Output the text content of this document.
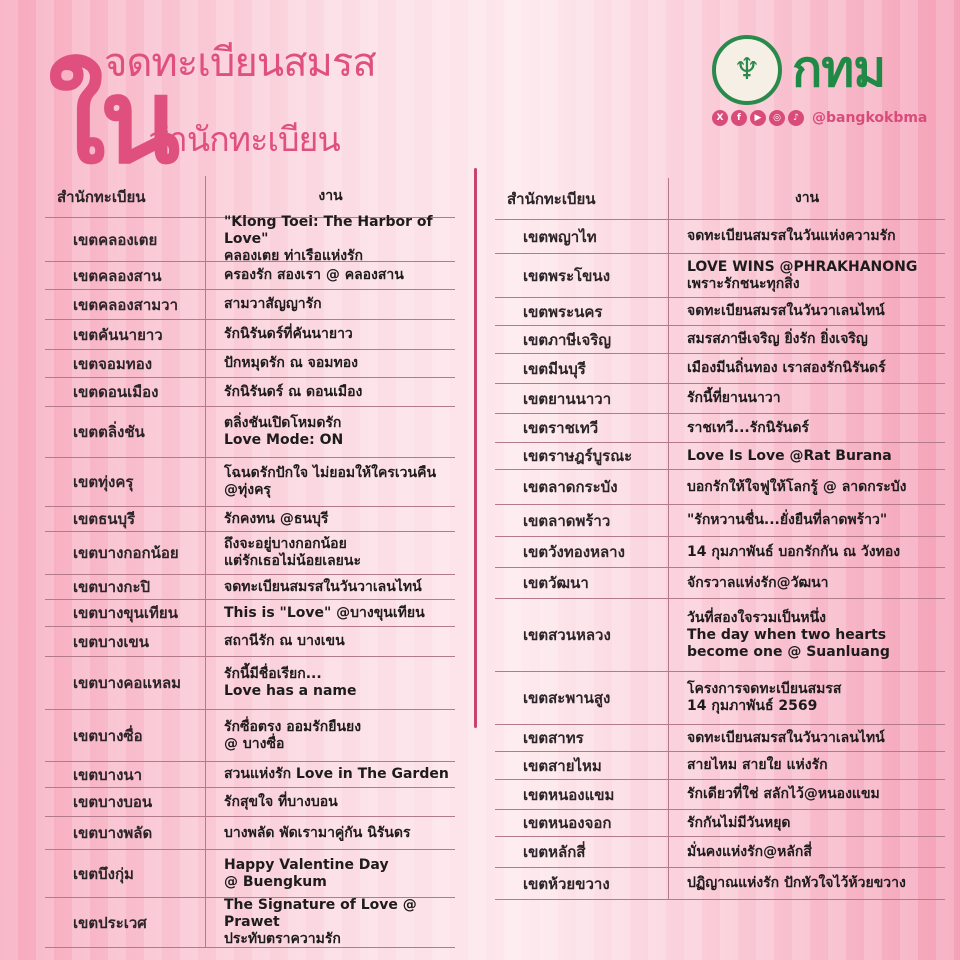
ใน
จดทะเบียนสมรส
สำนักทะเบียน
♆ กทม
X	f	▶	◎	♪ @bangkokbma
สำนักทะเบียน	งาน
เขตคลองเตย
"Klong Toei: The Harbor of Love"
คลองเตย ท่าเรือแห่งรัก
เขตคลองสาน	ครองรัก สองเรา @ คลองสาน
เขตคลองสามวา	สามวาสัญญารัก
เขตคันนายาว	รักนิรันดร์ที่คันนายาว
เขตจอมทอง	ปักหมุดรัก ณ จอมทอง
เขตดอนเมือง	รักนิรันดร์ ณ ดอนเมือง
เขตตลิ่งชัน	ตลิ่งชันเปิดโหมดรัก
Love Mode: ON
เขตทุ่งครุ	โฉนดรักปักใจ ไม่ยอมให้ใครเวนคืน
@ทุ่งครุ
เขตธนบุรี	รักคงทน @ธนบุรี
เขตบางกอกน้อย	ถึงจะอยู่บางกอกน้อย
แต่รักเธอไม่น้อยเลยนะ
เขตบางกะปิ	จดทะเบียนสมรสในวันวาเลนไทน์
เขตบางขุนเทียน	This is "Love" @บางขุนเทียน
เขตบางเขน	สถานีรัก ณ บางเขน
เขตบางคอแหลม	รักนี้มีชื่อเรียก...
Love has a name
เขตบางซื่อ	รักซื่อตรง ออมรักยืนยง
@ บางซื่อ
เขตบางนา	สวนแห่งรัก Love in The Garden
เขตบางบอน	รักสุขใจ ที่บางบอน
เขตบางพลัด	บางพลัด พัดเรามาคู่กัน นิรันดร
เขตบึงกุ่ม	Happy Valentine Day
@ Buengkum
เขตประเวศ
The Signature of Love @ Prawet
ประทับตราความรัก
สำนักทะเบียน	งาน
เขตพญาไท	จดทะเบียนสมรสในวันแห่งความรัก
เขตพระโขนง	LOVE WINS @PHRAKHANONG
เพราะรักชนะทุกสิ่ง
เขตพระนคร	จดทะเบียนสมรสในวันวาเลนไทน์
เขตภาษีเจริญ	สมรสภาษีเจริญ ยิ่งรัก ยิ่งเจริญ
เขตมีนบุรี	เมืองมีนถิ่นทอง เราสองรักนิรันดร์
เขตยานนาวา	รักนี้ที่ยานนาวา
เขตราชเทวี	ราชเทวี...รักนิรันดร์
เขตราษฎร์บูรณะ	Love Is Love @Rat Burana
เขตลาดกระบัง	บอกรักให้ใจฟูให้โลกรู้ @ ลาดกระบัง
เขตลาดพร้าว	"รักหวานชื่น...ยั่งยืนที่ลาดพร้าว"
เขตวังทองหลาง	14 กุมภาพันธ์ บอกรักกัน ณ วังทอง
เขตวัฒนา	จักรวาลแห่งรัก@วัฒนา
เขตสวนหลวง
วันที่สองใจรวมเป็นหนึ่ง
The day when two hearts
become one @ Suanluang
เขตสะพานสูง	โครงการจดทะเบียนสมรส
14 กุมภาพันธ์ 2569
เขตสาทร	จดทะเบียนสมรสในวันวาเลนไทน์
เขตสายไหม	สายไหม สายใย แห่งรัก
เขตหนองแขม	รักเดียวที่ใช่ สลักไว้@หนองแขม
เขตหนองจอก	รักกันไม่มีวันหยุด
เขตหลักสี่	มั่นคงแห่งรัก@หลักสี่
เขตห้วยขวาง	ปฏิญาณแห่งรัก ปักหัวใจไว้ห้วยขวาง
